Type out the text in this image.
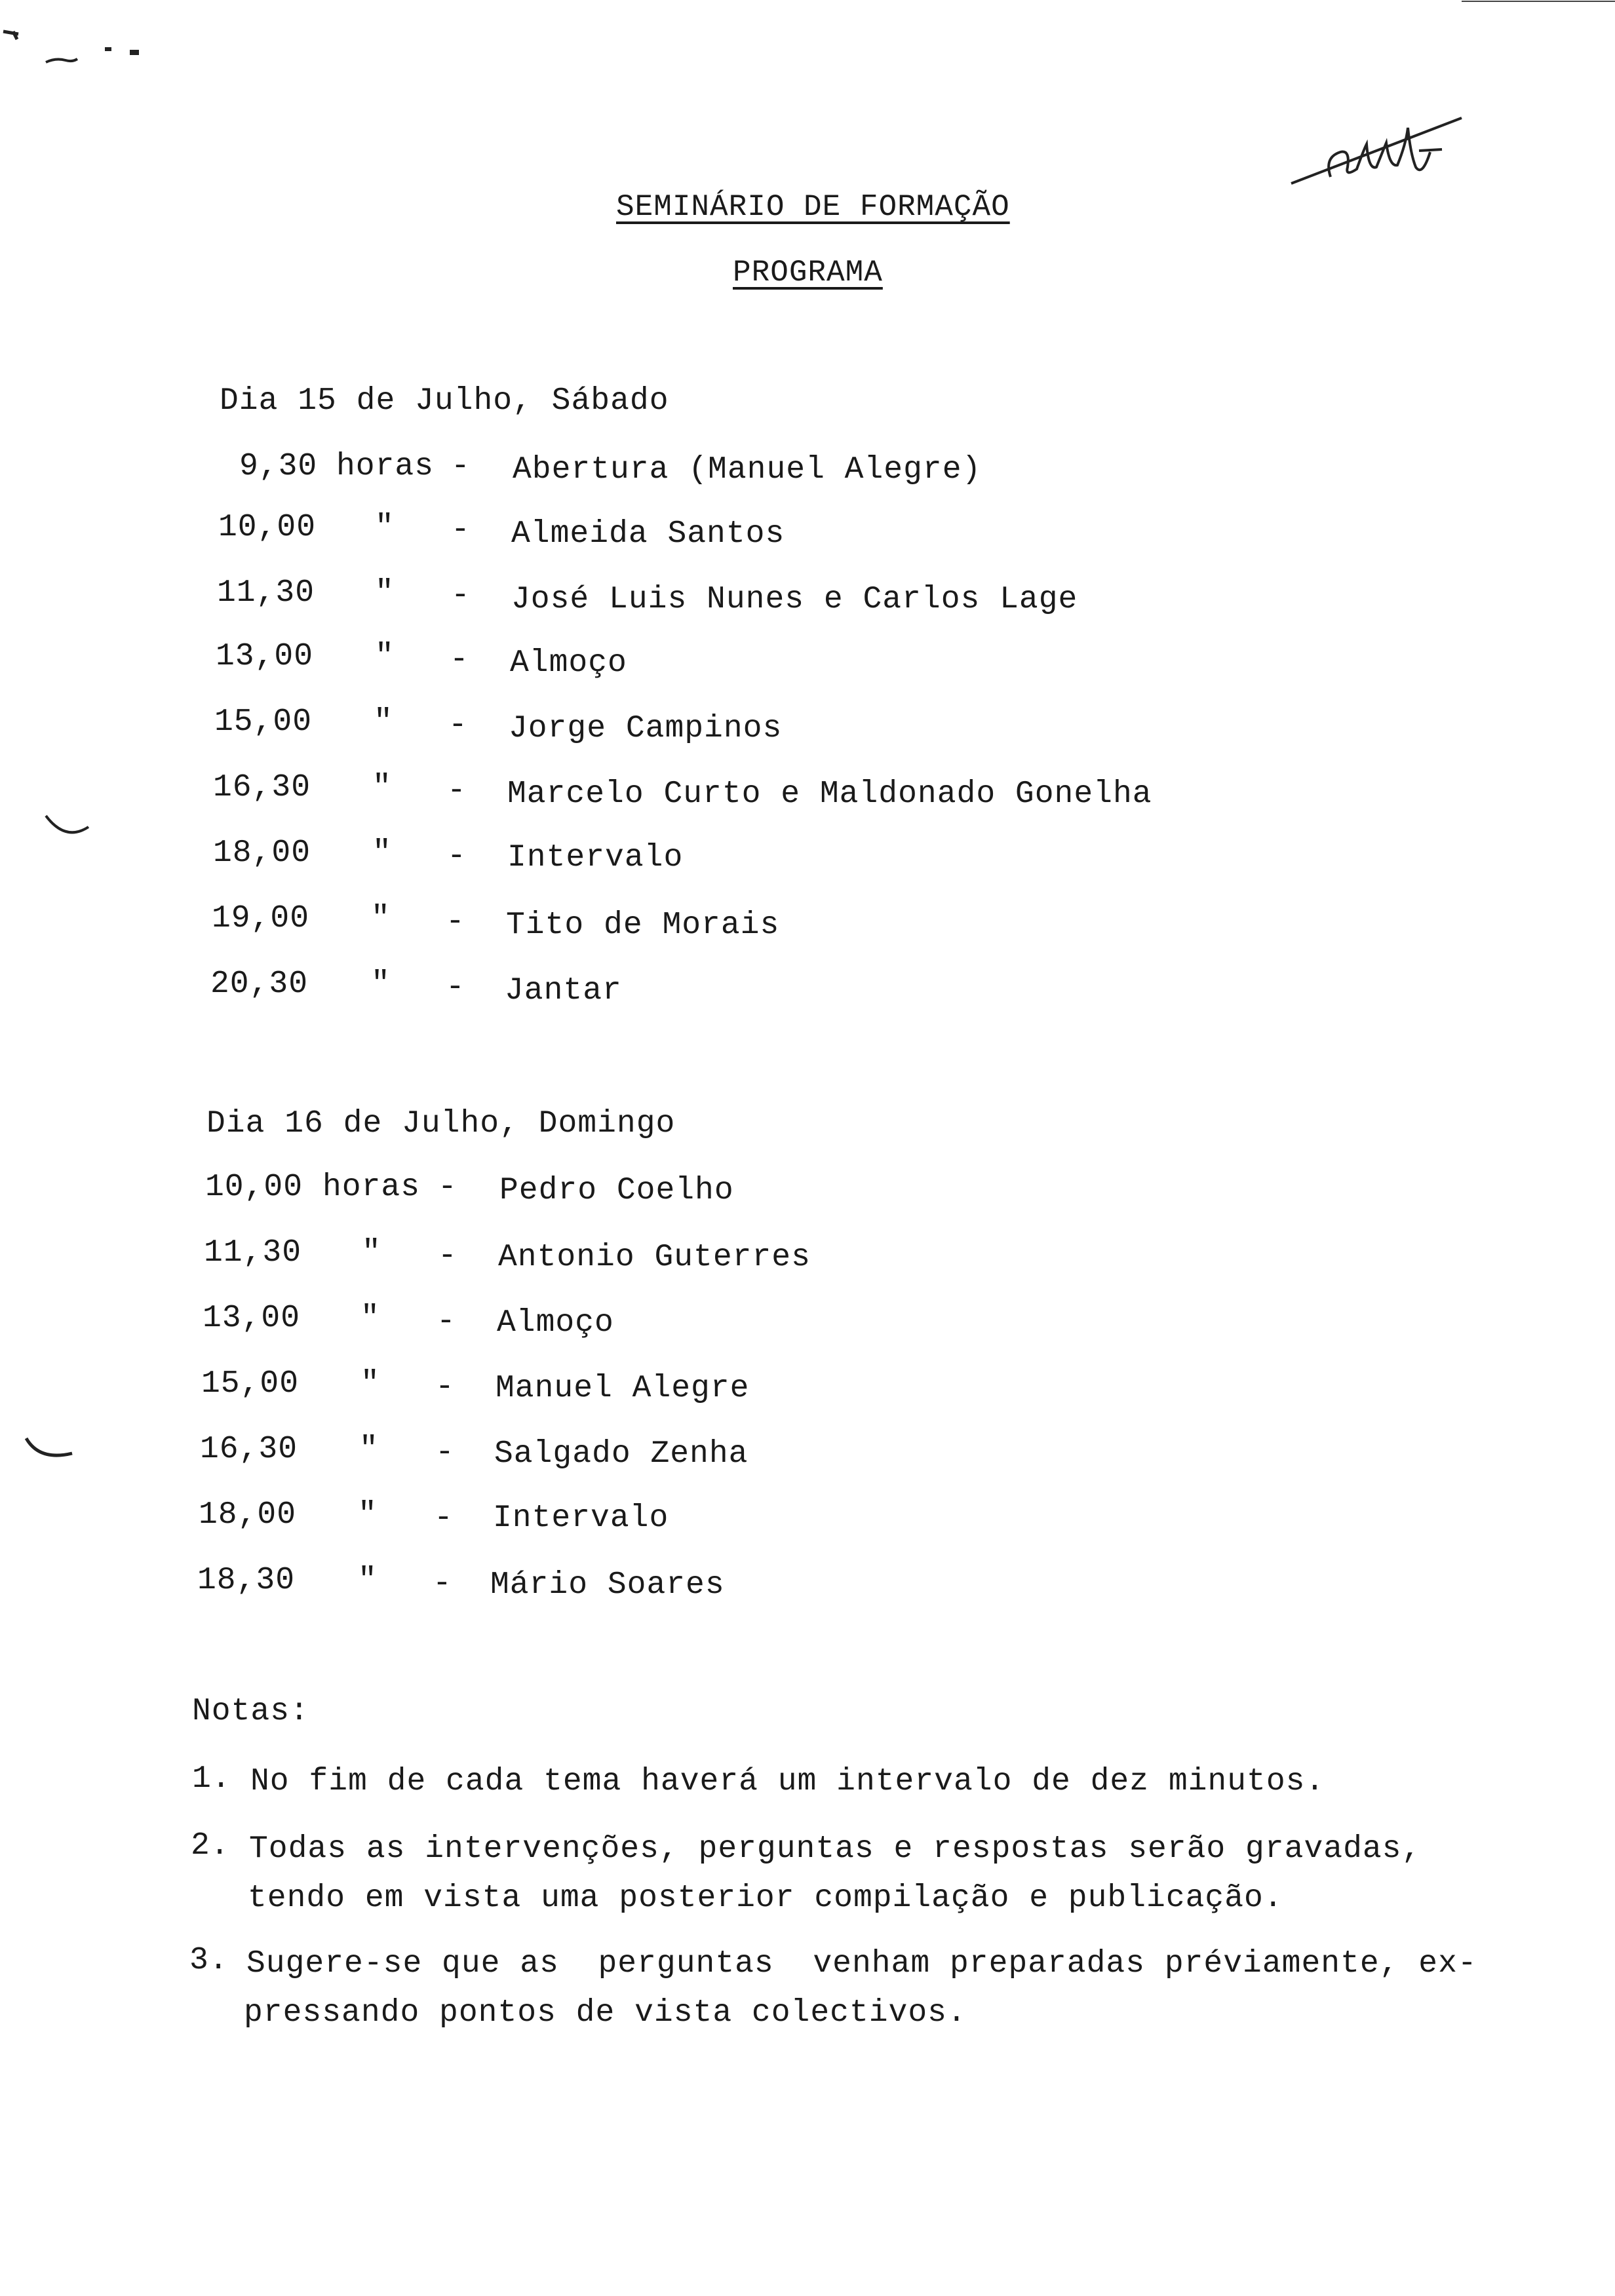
SEMINÁRIO DE FORMAÇÃO
PROGRAMA
Dia 15 de Julho, Sábado
9,30 horas - Abertura (Manuel Alegre)
10,00 " - Almeida Santos
11,30 " - José Luis Nunes e Carlos Lage
13,00 " - Almoço
15,00 " - Jorge Campinos
16,30 " - Marcelo Curto e Maldonado Gonelha
18,00 " - Intervalo
19,00 " - Tito de Morais
20,30 " - Jantar
Dia 16 de Julho, Domingo
10,00 horas - Pedro Coelho
11,30 " - Antonio Guterres
13,00 " - Almoço
15,00 " - Manuel Alegre
16,30 " - Salgado Zenha
18,00 " - Intervalo
18,30 " - Mário Soares
Notas:
1. No fim de cada tema haverá um intervalo de dez minutos.
2. Todas as intervenções, perguntas e respostas serão gravadas,
tendo em vista uma posterior compilação e publicação.
3. Sugere-se que as  perguntas  venham preparadas préviamente, ex-
pressando pontos de vista colectivos.
